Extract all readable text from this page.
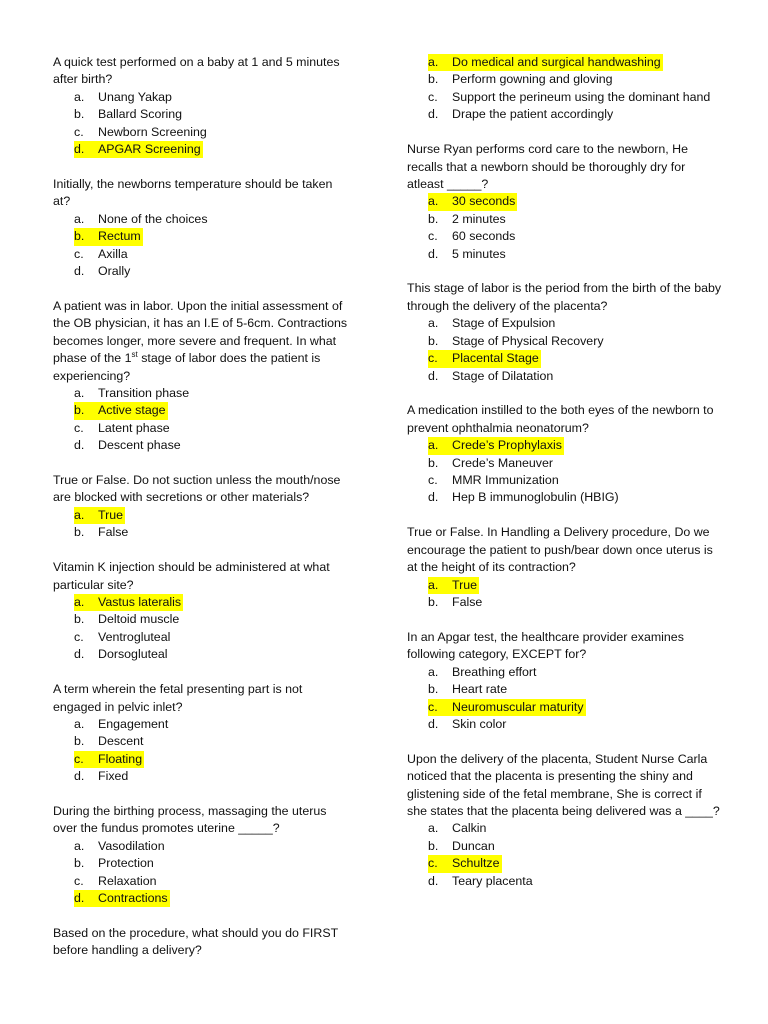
A quick test performed on a baby at 1 and 5 minutes after birth?

a.	Unang Yakap
b.	Ballard Scoring
c.	Newborn Screening
d.	APGAR Screening

Initially, the newborns temperature should be taken at?

a.	None of the choices
b.	Rectum
c.	Axilla
d.	Orally

A patient was in labor. Upon the initial assessment of the OB physician, it has an I.E of 5-6cm. Contractions becomes longer, more severe and frequent. In what phase of the 1st stage of labor does the patient is experiencing?

a.	Transition phase
b.	Active stage
c.	Latent phase
d.	Descent phase

True or False. Do not suction unless the mouth/nose are blocked with secretions or other materials?

a.	True
b.	False

Vitamin K injection should be administered at what particular site?

a.	Vastus lateralis
b.	Deltoid muscle
c.	Ventrogluteal
d.	Dorsogluteal

A term wherein the fetal presenting part is not engaged in pelvic inlet?

a.	Engagement
b.	Descent
c.	Floating
d.	Fixed

During the birthing process, massaging the uterus over the fundus promotes uterine _____?

a.	Vasodilation
b.	Protection
c.	Relaxation
d.	Contractions

Based on the procedure, what should you do FIRST before handling a delivery?

a.	Do medical and surgical handwashing
b.	Perform gowning and gloving
c.	Support the perineum using the dominant hand
d.	Drape the patient accordingly

Nurse Ryan performs cord care to the newborn, He recalls that a newborn should be thoroughly dry for atleast _____?

a.	30 seconds
b.	2 minutes
c.	60 seconds
d.	5 minutes

This stage of labor is the period from the birth of the baby through the delivery of the placenta?

a.	Stage of Expulsion
b.	Stage of Physical Recovery
c.	Placental Stage
d.	Stage of Dilatation

A medication instilled to the both eyes of the newborn to prevent ophthalmia neonatorum?

a.	Crede’s Prophylaxis
b.	Crede’s Maneuver
c.	MMR Immunization
d.	Hep B immunoglobulin (HBIG)

True or False. In Handling a Delivery procedure, Do we encourage the patient to push/bear down once uterus is at the height of its contraction?

a.	True
b.	False

In an Apgar test, the healthcare provider examines following category, EXCEPT for?

a.	Breathing effort
b.	Heart rate
c.	Neuromuscular maturity
d.	Skin color

Upon the delivery of the placenta, Student Nurse Carla noticed that the placenta is presenting the shiny and glistening side of the fetal membrane, She is correct if she states that the placenta being delivered was a ____?

a.	Calkin
b.	Duncan
c.	Schultze
d.	Teary placenta
